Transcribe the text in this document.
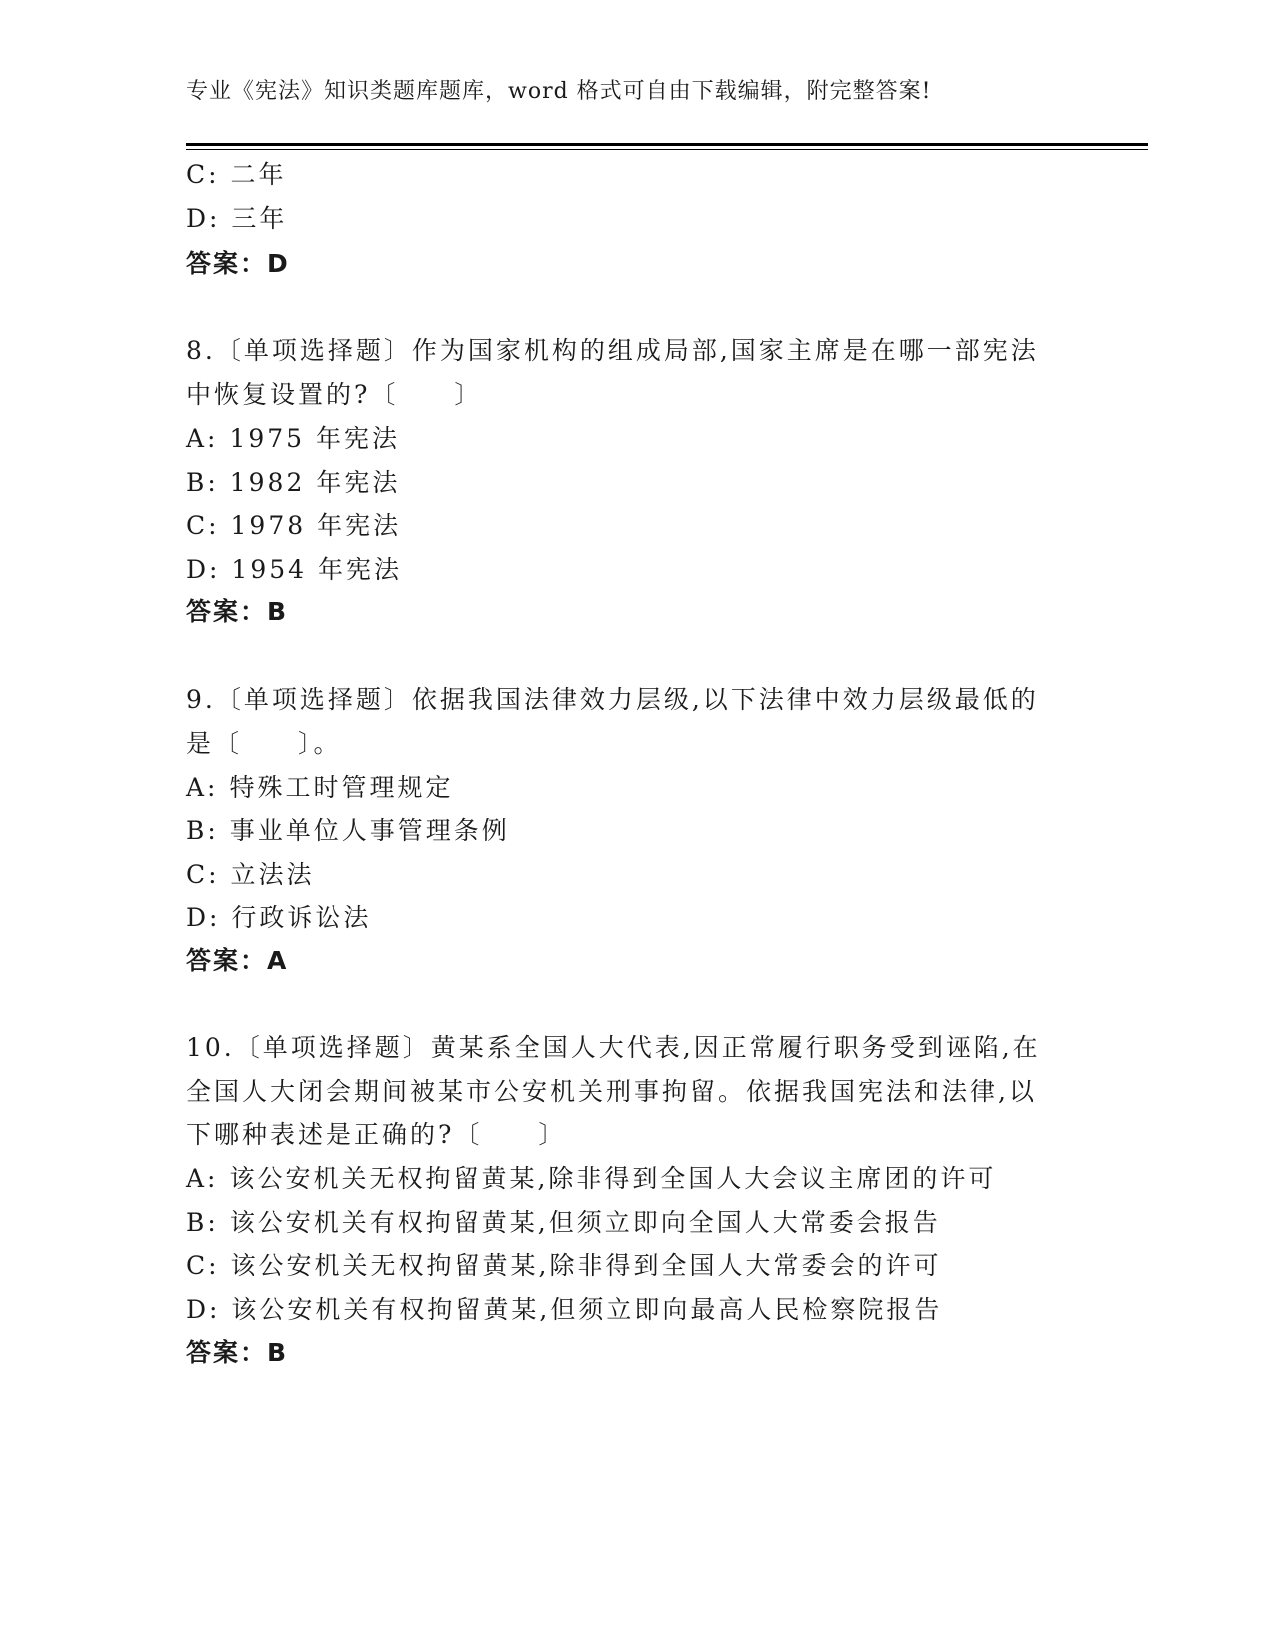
专业《宪法》知识类题库题库，word 格式可自由下载编辑，附完整答案!
C: 二年
D: 三年
答案：D
8.〔单项选择题〕作为国家机构的组成局部,国家主席是在哪一部宪法
中恢复设置的?〔　　〕
A: 1975 年宪法
B: 1982 年宪法
C: 1978 年宪法
D: 1954 年宪法
答案：B
9.〔单项选择题〕依据我国法律效力层级,以下法律中效力层级最低的
是〔　　〕。
A: 特殊工时管理规定
B: 事业单位人事管理条例
C: 立法法
D: 行政诉讼法
答案：A
10.〔单项选择题〕黄某系全国人大代表,因正常履行职务受到诬陷,在
全国人大闭会期间被某市公安机关刑事拘留。依据我国宪法和法律,以
下哪种表述是正确的?〔　　〕
A: 该公安机关无权拘留黄某,除非得到全国人大会议主席团的许可
B: 该公安机关有权拘留黄某,但须立即向全国人大常委会报告
C: 该公安机关无权拘留黄某,除非得到全国人大常委会的许可
D: 该公安机关有权拘留黄某,但须立即向最高人民检察院报告
答案：B
